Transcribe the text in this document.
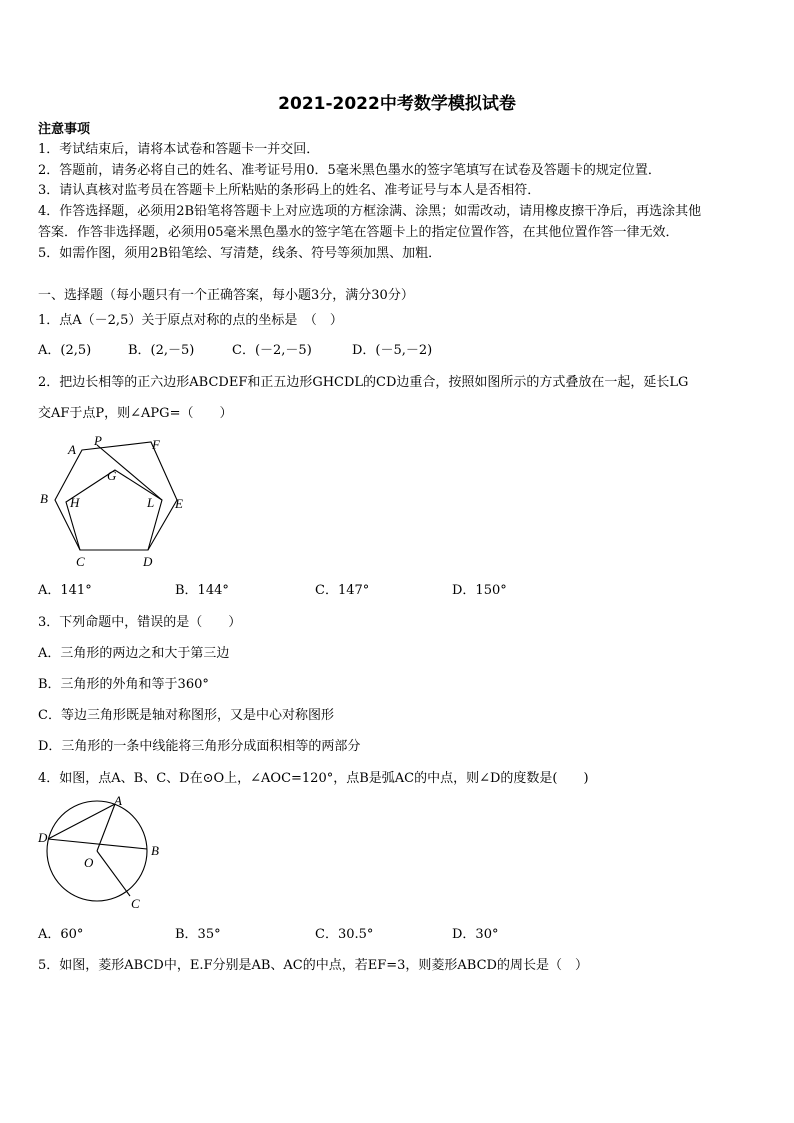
2021-2022中考数学模拟试卷
注意事项
1．考试结束后，请将本试卷和答题卡一并交回．
2．答题前，请务必将自己的姓名、准考证号用0．5毫米黑色墨水的签字笔填写在试卷及答题卡的规定位置．
3．请认真核对监考员在答题卡上所粘贴的条形码上的姓名、准考证号与本人是否相符．
4．作答选择题，必须用2B铅笔将答题卡上对应选项的方框涂满、涂黑；如需改动，请用橡皮擦干净后，再选涂其他
答案．作答非选择题，必须用05毫米黑色墨水的签字笔在答题卡上的指定位置作答，在其他位置作答一律无效．
5．如需作图，须用2B铅笔绘、写清楚，线条、符号等须加黑、加粗．
一、选择题（每小题只有一个正确答案，每小题3分，满分30分）
1．点A（－2,5）关于原点对称的点的坐标是　（　）
A．(2,5)	B．(2,－5)	C．(－2,－5)	D．(－5,－2)
2．把边长相等的正六边形ABCDEF和正五边形GHCDL的CD边重合，按照如图所示的方式叠放在一起，延长LG
交AF于点P，则∠APG=（　　）
A
P	F
G
B H	L E
C	D
A．141°	B．144°	C．147°	D．150°
3．下列命题中，错误的是（　　）
A．三角形的两边之和大于第三边
B．三角形的外角和等于360°
C．等边三角形既是轴对称图形，又是中心对称图形
D．三角形的一条中线能将三角形分成面积相等的两部分
4．如图，点A、B、C、D在⊙O上，∠AOC=120°，点B是弧AC的中点，则∠D的度数是(　　)
A
D
B
O
C
A．60°	B．35°	C．30.5°	D．30°
5．如图，菱形ABCD中，E.F分别是AB、AC的中点，若EF=3，则菱形ABCD的周长是（　）
